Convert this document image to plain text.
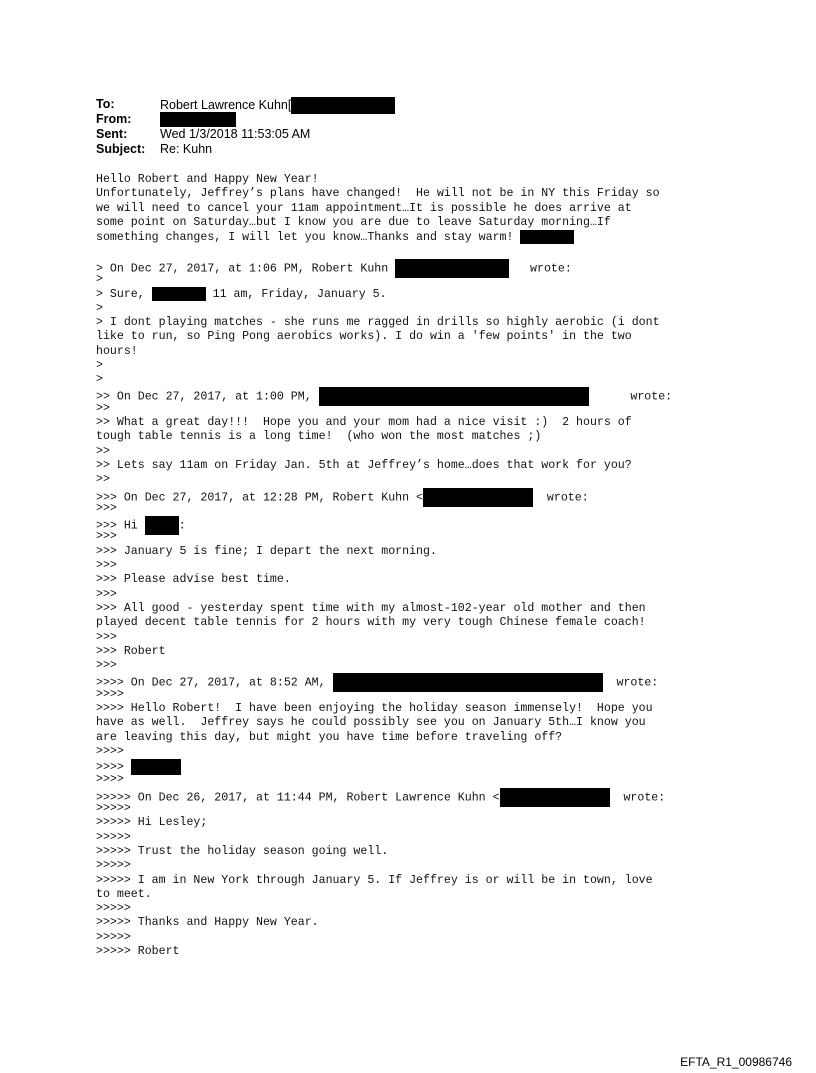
To:	Robert Lawrence Kuhn[
From:
Sent:	Wed 1/3/2018 11:53:05 AM
Subject: Re: Kuhn
Hello Robert and Happy New Year!
Unfortunately, Jeffrey’s plans have changed!  He will not be in NY this Friday so
we will need to cancel your 11am appointment…It is possible he does arrive at
some point on Saturday…but I know you are due to leave Saturday morning…If
something changes, I will let you know…Thanks and stay warm!
> On Dec 27, 2017, at 1:06 PM, Robert Kuhn	wrote:
>
> Sure,	11 am, Friday, January 5.
>
> I dont playing matches - she runs me ragged in drills so highly aerobic (i dont
like to run, so Ping Pong aerobics works). I do win a 'few points' in the two
hours!
>
>
>> On Dec 27, 2017, at 1:00 PM,	wrote:
>>
>> What a great day!!!  Hope you and your mom had a nice visit :)  2 hours of
tough table tennis is a long time!  (who won the most matches ;)
>>
>> Lets say 11am on Friday Jan. 5th at Jeffrey’s home…does that work for you?
>>
>>> On Dec 27, 2017, at 12:28 PM, Robert Kuhn <	wrote:
>>>
>>> Hi	:
>>>
>>> January 5 is fine; I depart the next morning.
>>>
>>> Please advise best time.
>>>
>>> All good - yesterday spent time with my almost-102-year old mother and then
played decent table tennis for 2 hours with my very tough Chinese female coach!
>>>
>>> Robert
>>>
>>>> On Dec 27, 2017, at 8:52 AM,	wrote:
>>>>
>>>> Hello Robert!  I have been enjoying the holiday season immensely!  Hope you
have as well.  Jeffrey says he could possibly see you on January 5th…I know you
are leaving this day, but might you have time before traveling off?
>>>>
>>>>
>>>>
>>>>> On Dec 26, 2017, at 11:44 PM, Robert Lawrence Kuhn <	wrote:
>>>>>
>>>>> Hi Lesley;
>>>>>
>>>>> Trust the holiday season going well.
>>>>>
>>>>> I am in New York through January 5. If Jeffrey is or will be in town, love
to meet.
>>>>>
>>>>> Thanks and Happy New Year.
>>>>>
>>>>> Robert
EFTA_R1_00986746
